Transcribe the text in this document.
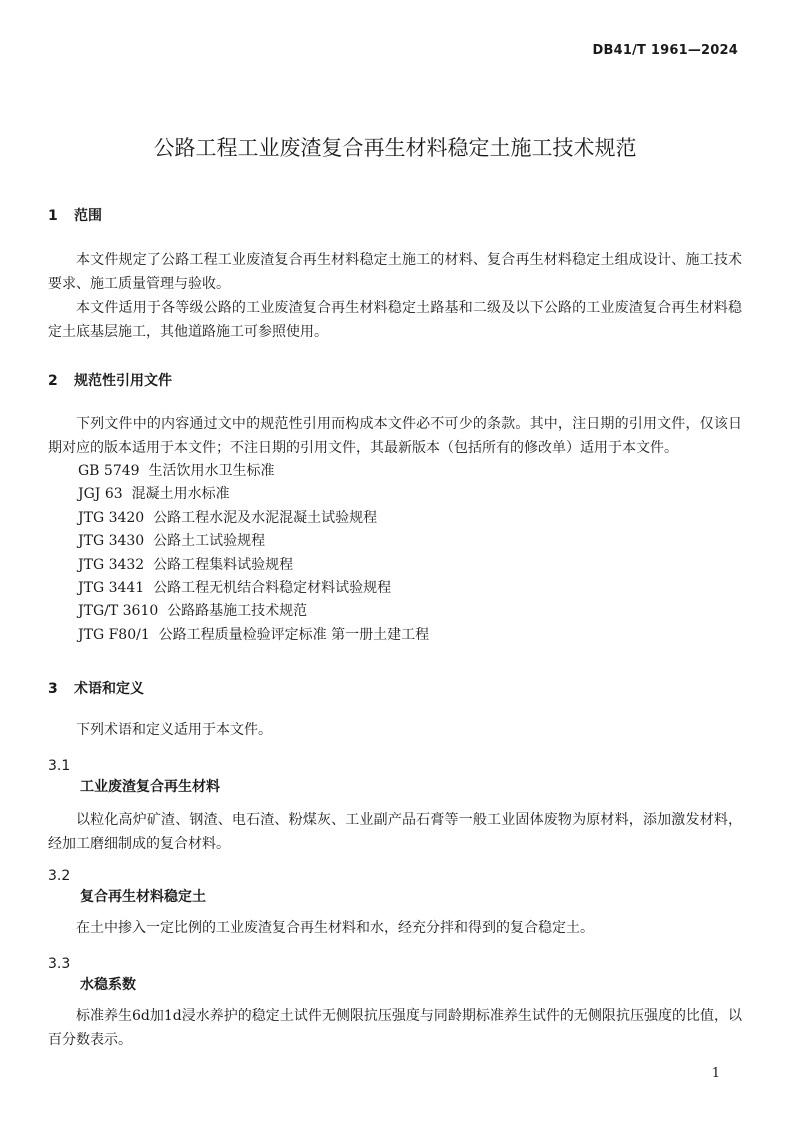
DB41/T 1961—2024
公路工程工业废渣复合再生材料稳定土施工技术规范
1 范围

本文件规定了公路工程工业废渣复合再生材料稳定土施工的材料、复合再生材料稳定土组成设计、施工技术要求、施工质量管理与验收。

本文件适用于各等级公路的工业废渣复合再生材料稳定土路基和二级及以下公路的工业废渣复合再生材料稳定土底基层施工，其他道路施工可参照使用。

2 规范性引用文件

下列文件中的内容通过文中的规范性引用而构成本文件必不可少的条款。其中，注日期的引用文件，仅该日期对应的版本适用于本文件；不注日期的引用文件，其最新版本（包括所有的修改单）适用于本文件。

GB 5749 生活饮用水卫生标准
JGJ 63 混凝土用水标准
JTG 3420 公路工程水泥及水泥混凝土试验规程
JTG 3430 公路土工试验规程
JTG 3432 公路工程集料试验规程
JTG 3441 公路工程无机结合料稳定材料试验规程
JTG/T 3610 公路路基施工技术规范
JTG F80/1 公路工程质量检验评定标准 第一册土建工程
3 术语和定义

下列术语和定义适用于本文件。

3.1
工业废渣复合再生材料

以粒化高炉矿渣、钢渣、电石渣、粉煤灰、工业副产品石膏等一般工业固体废物为原材料，添加激发材料，经加工磨细制成的复合材料。

3.2
复合再生材料稳定土

在土中掺入一定比例的工业废渣复合再生材料和水，经充分拌和得到的复合稳定土。

3.3
水稳系数

标准养生6d加1d浸水养护的稳定土试件无侧限抗压强度与同龄期标准养生试件的无侧限抗压强度的比值，以百分数表示。

1
